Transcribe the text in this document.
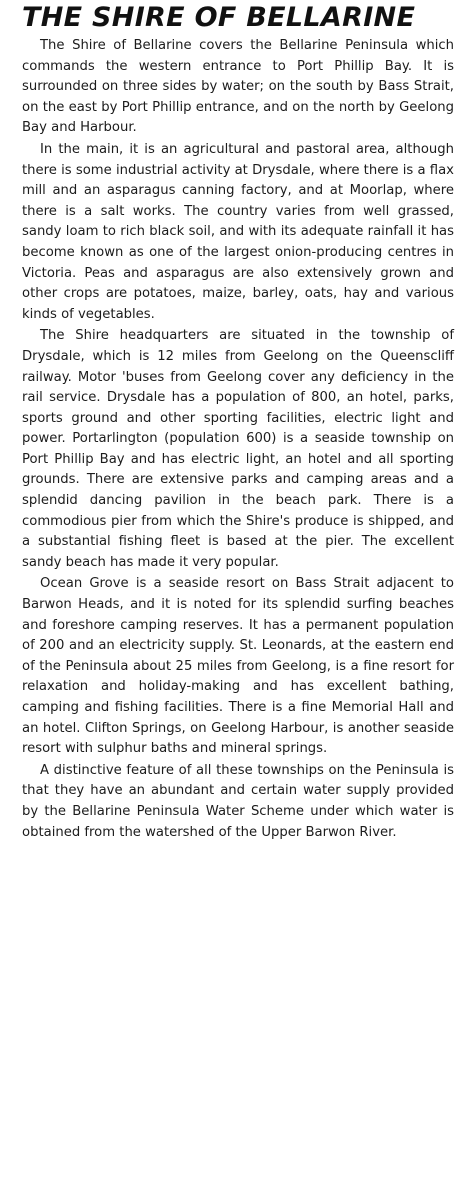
THE SHIRE OF BELLARINE

The Shire of Bellarine covers the Bellarine Peninsula which commands the western entrance to Port Phillip Bay. It is surrounded on three sides by water; on the south by Bass Strait, on the east by Port Phillip entrance, and on the north by Geelong Bay and Harbour.

In the main, it is an agricultural and pastoral area, although there is some industrial activity at Drysdale, where there is a flax mill and an asparagus canning factory, and at Moorlap, where there is a salt works. The country varies from well grassed, sandy loam to rich black soil, and with its adequate rainfall it has become known as one of the largest onion-producing centres in Victoria. Peas and asparagus are also extensively grown and other crops are potatoes, maize, barley, oats, hay and various kinds of vegetables.

The Shire headquarters are situated in the township of Drysdale, which is 12 miles from Geelong on the Queenscliff railway. Motor 'buses from Geelong cover any deficiency in the rail service. Drysdale has a population of 800, an hotel, parks, sports ground and other sporting facilities, electric light and power. Portarlington (population 600) is a seaside township on Port Phillip Bay and has electric light, an hotel and all sporting grounds. There are extensive parks and camping areas and a splendid dancing pavilion in the beach park. There is a commodious pier from which the Shire's produce is shipped, and a substantial fishing fleet is based at the pier. The excellent sandy beach has made it very popular.

Ocean Grove is a seaside resort on Bass Strait adjacent to Barwon Heads, and it is noted for its splendid surfing beaches and foreshore camping reserves. It has a permanent population of 200 and an electricity supply. St. Leonards, at the eastern end of the Peninsula about 25 miles from Geelong, is a fine resort for relaxation and holiday-making and has excellent bathing, camping and fishing facilities. There is a fine Memorial Hall and an hotel. Clifton Springs, on Geelong Harbour, is another seaside resort with sulphur baths and mineral springs.

A distinctive feature of all these townships on the Peninsula is that they have an abundant and certain water supply provided by the Bellarine Peninsula Water Scheme under which water is obtained from the watershed of the Upper Barwon River.
